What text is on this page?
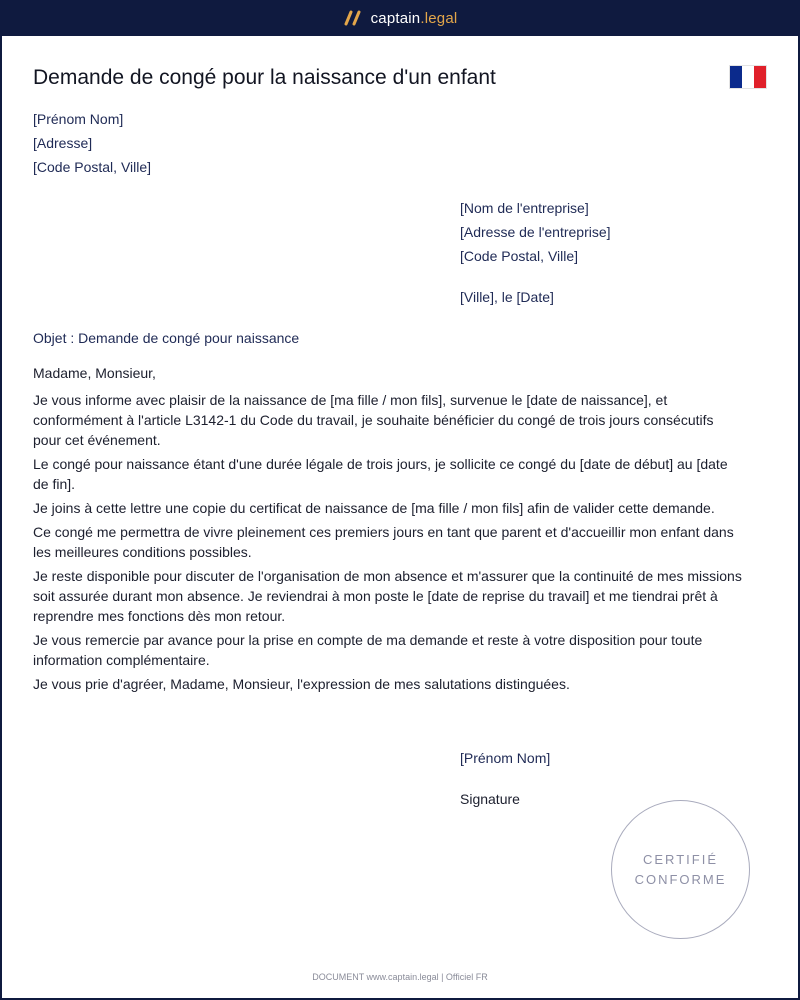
captain.legal
Demande de congé pour la naissance d'un enfant
[Prénom Nom]
[Adresse]
[Code Postal, Ville]
[Nom de l'entreprise]
[Adresse de l'entreprise]
[Code Postal, Ville]
[Ville], le [Date]
Objet : Demande de congé pour naissance
Madame, Monsieur,

Je vous informe avec plaisir de la naissance de [ma fille / mon fils], survenue le [date de naissance], et conformément à l'article L3142-1 du Code du travail, je souhaite bénéficier du congé de trois jours consécutifs pour cet événement.

Le congé pour naissance étant d'une durée légale de trois jours, je sollicite ce congé du [date de début] au [date de fin].

Je joins à cette lettre une copie du certificat de naissance de [ma fille / mon fils] afin de valider cette demande.

Ce congé me permettra de vivre pleinement ces premiers jours en tant que parent et d'accueillir mon enfant dans les meilleures conditions possibles.

Je reste disponible pour discuter de l'organisation de mon absence et m'assurer que la continuité de mes missions soit assurée durant mon absence. Je reviendrai à mon poste le [date de reprise du travail] et me tiendrai prêt à reprendre mes fonctions dès mon retour.

Je vous remercie par avance pour la prise en compte de ma demande et reste à votre disposition pour toute information complémentaire.

Je vous prie d'agréer, Madame, Monsieur, l'expression de mes salutations distinguées.

[Prénom Nom]
Signature
CERTIFIÉ
CONFORME
DOCUMENT www.captain.legal | Officiel FR
